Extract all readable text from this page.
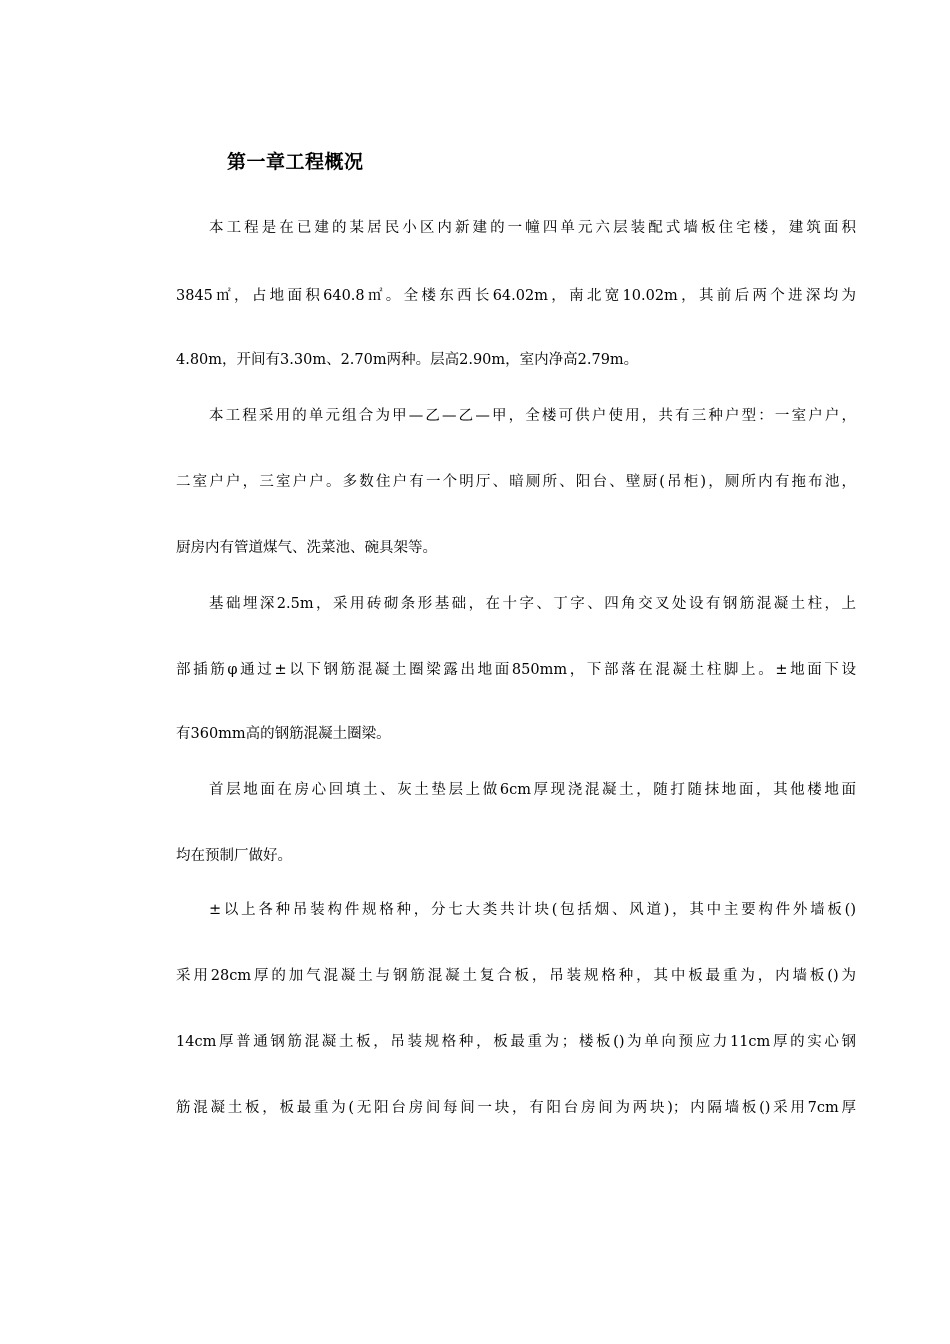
第一章工程概况

本工程是在已建的某居民小区内新建的一幢四单元六层装配式墙板住宅楼，建筑面积

3845㎡，占地面积640.8㎡。全楼东西长64.02m，南北宽10.02m，其前后两个进深均为

4.80m，开间有3.30m、2.70m两种。层高2.90m，室内净高2.79m。

本工程采用的单元组合为甲—乙—乙—甲，全楼可供户使用，共有三种户型：一室户户，

二室户户，三室户户。多数住户有一个明厅、暗厕所、阳台、壁厨(吊柜)，厕所内有拖布池，

厨房内有管道煤气、洗菜池、碗具架等。

基础埋深2.5m，采用砖砌条形基础，在十字、丁字、四角交叉处设有钢筋混凝土柱，上

部插筋φ通过±以下钢筋混凝土圈梁露出地面850mm，下部落在混凝土柱脚上。±地面下设

有360mm高的钢筋混凝土圈梁。

首层地面在房心回填土、灰土垫层上做6cm厚现浇混凝土，随打随抹地面，其他楼地面

均在预制厂做好。

±以上各种吊装构件规格种，分七大类共计块(包括烟、风道)，其中主要构件外墙板()

采用28cm厚的加气混凝土与钢筋混凝土复合板，吊装规格种，其中板最重为，内墙板()为

14cm厚普通钢筋混凝土板，吊装规格种，板最重为；楼板()为单向预应力11cm厚的实心钢

筋混凝土板，板最重为(无阳台房间每间一块，有阳台房间为两块)；内隔墙板()采用7cm厚
